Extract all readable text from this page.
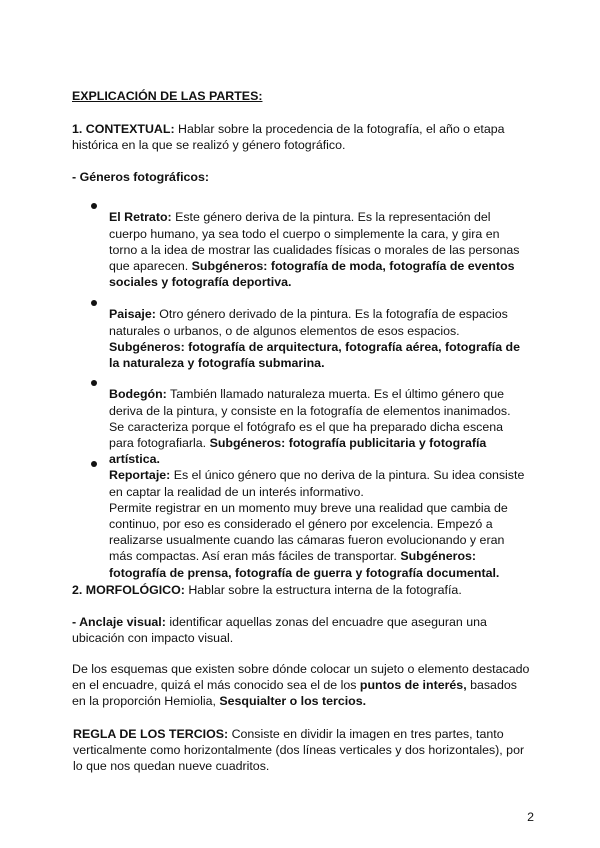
EXPLICACIÓN DE LAS PARTES:

1. CONTEXTUAL: Hablar sobre la procedencia de la fotografía, el año o etapa histórica en la que se realizó y género fotográfico.

- Géneros fotográficos:

El Retrato: Este género deriva de la pintura. Es la representación del cuerpo humano, ya sea todo el cuerpo o simplemente la cara, y gira en torno a la idea de mostrar las cualidades físicas o morales de las personas que aparecen. Subgéneros: fotografía de moda, fotografía de eventos sociales y fotografía deportiva.

Paisaje: Otro género derivado de la pintura. Es la fotografía de espacios naturales o urbanos, o de algunos elementos de esos espacios. Subgéneros: fotografía de arquitectura, fotografía aérea, fotografía de la naturaleza y fotografía submarina.

Bodegón: También llamado naturaleza muerta. Es el último género que deriva de la pintura, y consiste en la fotografía de elementos inanimados. Se caracteriza porque el fotógrafo es el que ha preparado dicha escena para fotografiarla. Subgéneros: fotografía publicitaria y fotografía artística.

Reportaje: Es el único género que no deriva de la pintura. Su idea consiste en captar la realidad de un interés informativo.
Permite registrar en un momento muy breve una realidad que cambia de continuo, por eso es considerado el género por excelencia. Empezó a realizarse usualmente cuando las cámaras fueron evolucionando y eran más compactas. Así eran más fáciles de transportar. Subgéneros: fotografía de prensa, fotografía de guerra y fotografía documental.

2. MORFOLÓGICO: Hablar sobre la estructura interna de la fotografía.

- Anclaje visual: identificar aquellas zonas del encuadre que aseguran una ubicación con impacto visual.

De los esquemas que existen sobre dónde colocar un sujeto o elemento destacado en el encuadre, quizá el más conocido sea el de los puntos de interés, basados en la proporción Hemiolia, Sesquialter o los tercios.

REGLA DE LOS TERCIOS: Consiste en dividir la imagen en tres partes, tanto verticalmente como horizontalmente (dos líneas verticales y dos horizontales), por lo que nos quedan nueve cuadritos.

2
